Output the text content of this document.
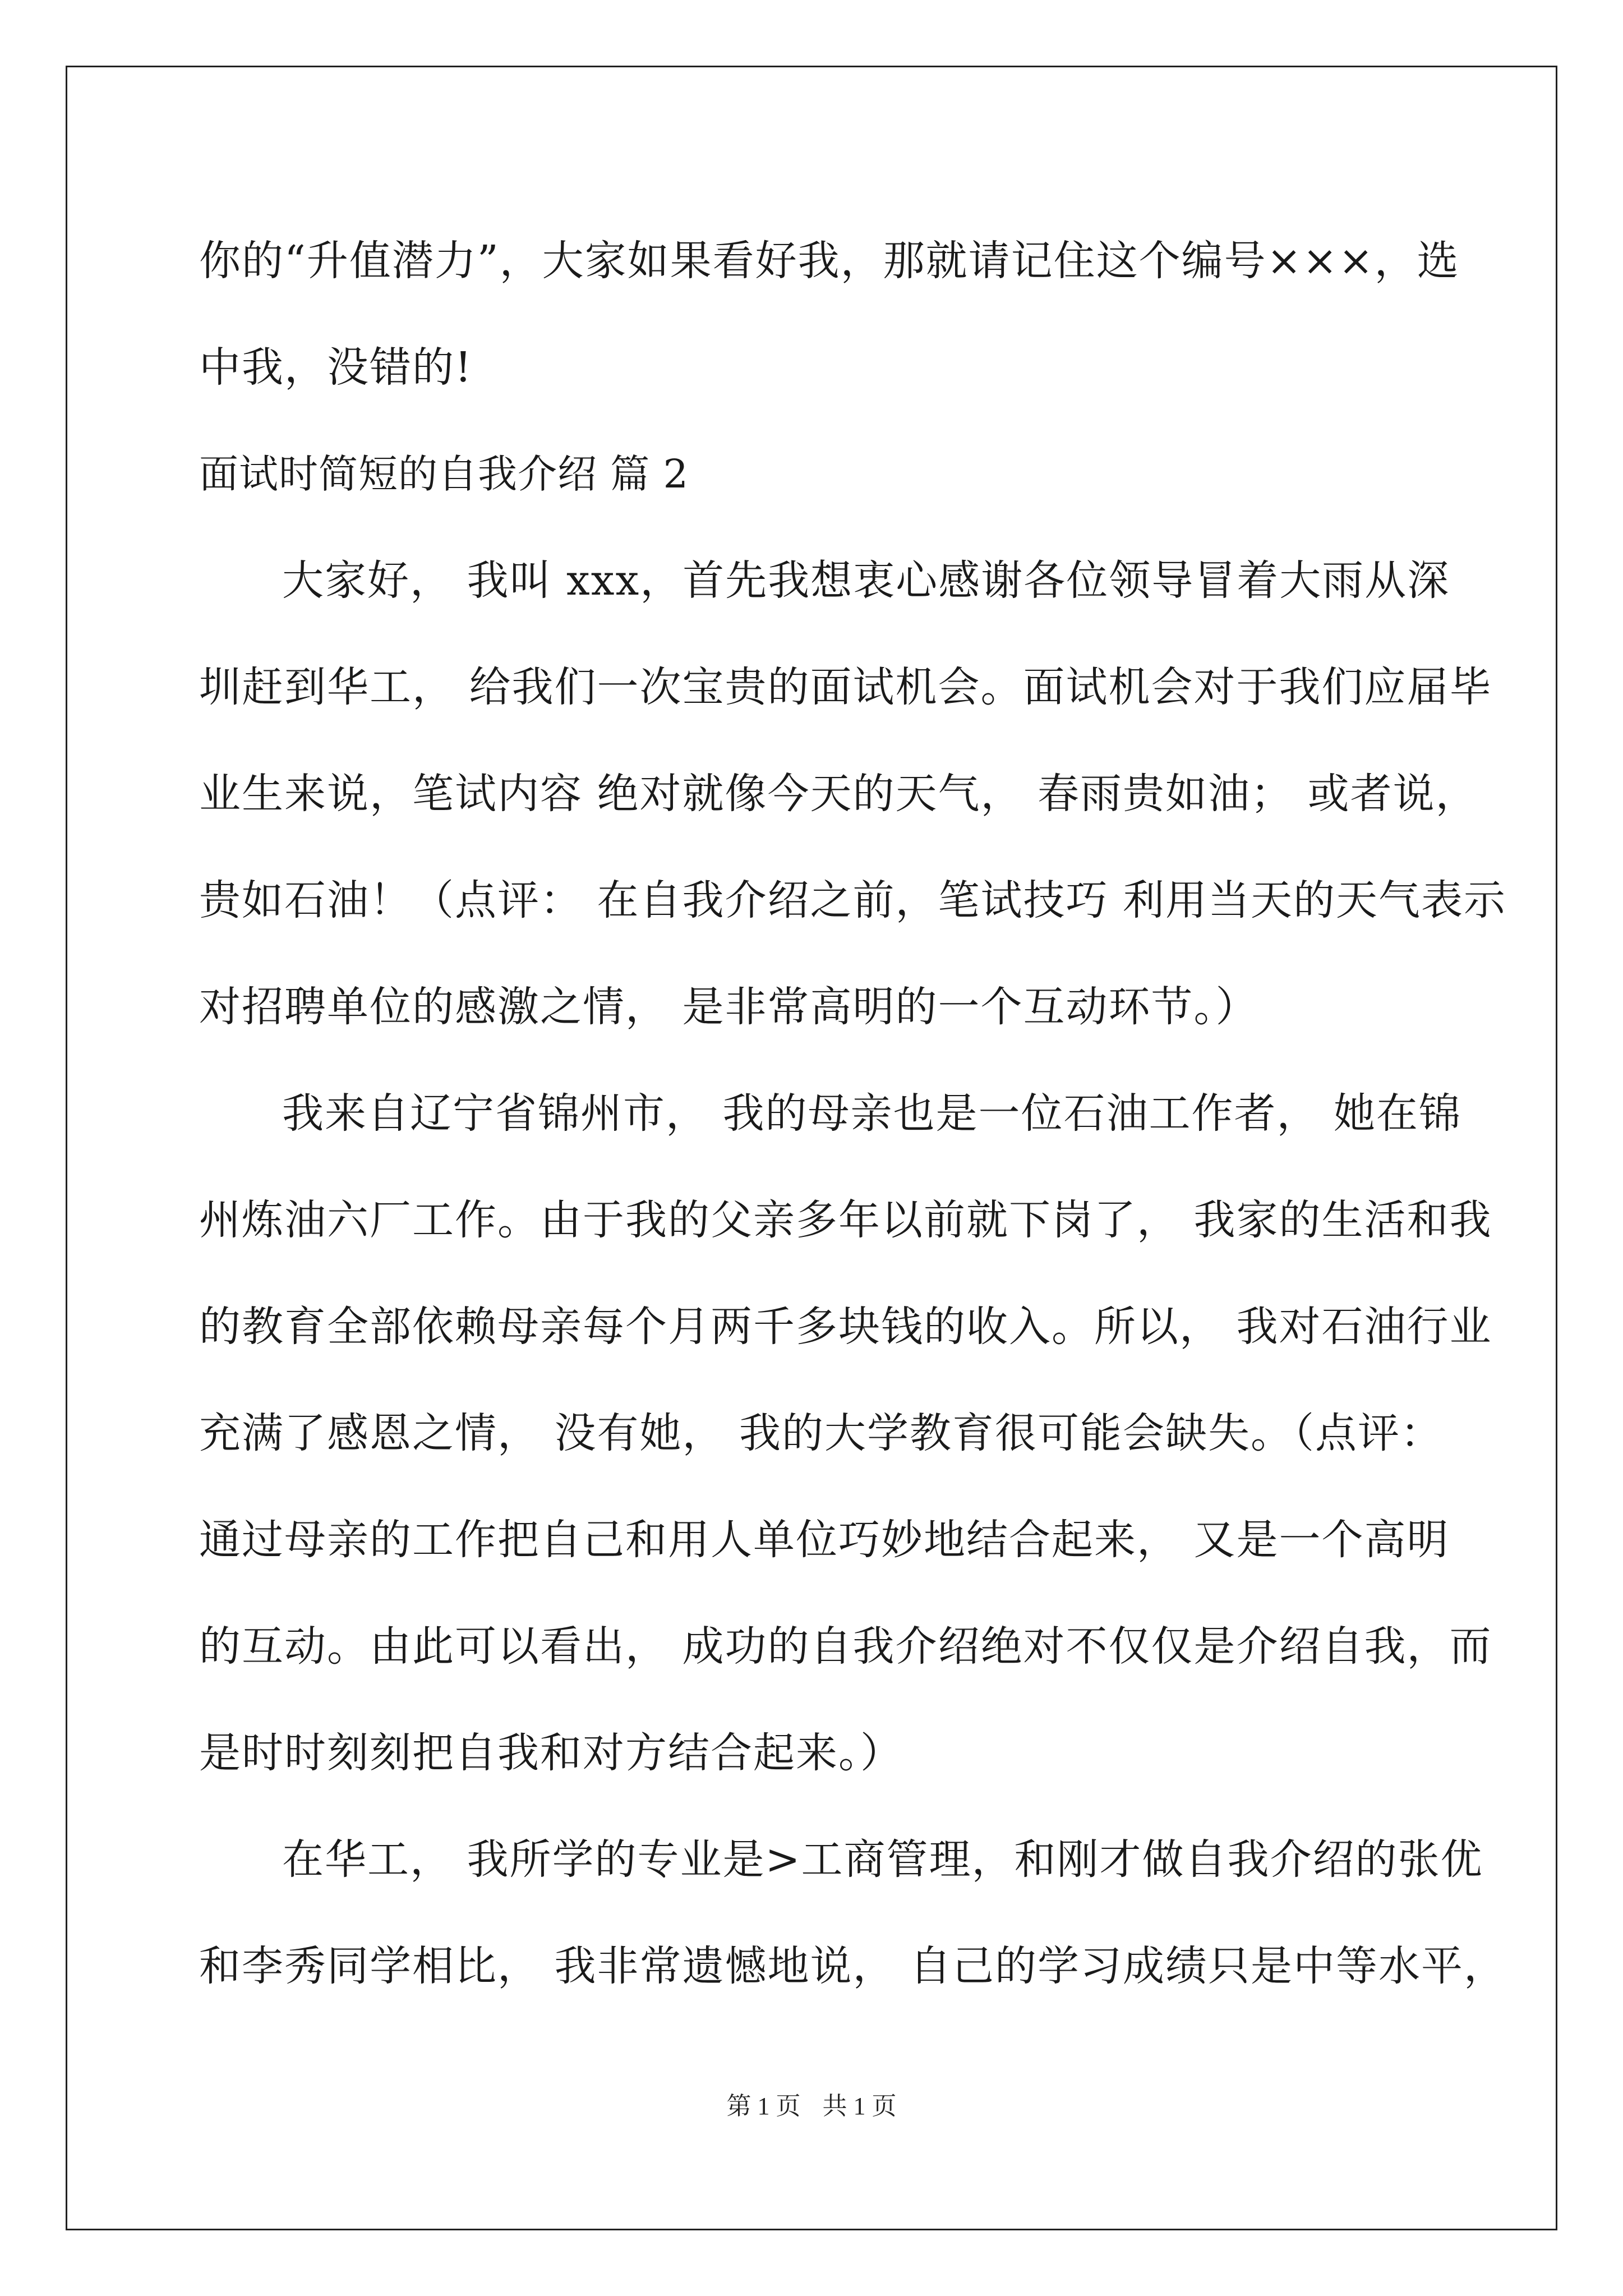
你的“升值潜力”，大家如果看好我，那就请记住这个编号×××，选
中我，没错的!
面试时简短的自我介绍 篇 2
大家好， 我叫 xxx，首先我想衷心感谢各位领导冒着大雨从深
圳赶到华工， 给我们一次宝贵的面试机会。面试机会对于我们应届毕
业生来说，笔试内容 绝对就像今天的天气， 春雨贵如油； 或者说，
贵如石油！（点评： 在自我介绍之前，笔试技巧 利用当天的天气表示
对招聘单位的感激之情， 是非常高明的一个互动环节。）
我来自辽宁省锦州市， 我的母亲也是一位石油工作者， 她在锦
州炼油六厂工作。由于我的父亲多年以前就下岗了， 我家的生活和我
的教育全部依赖母亲每个月两千多块钱的收入。所以， 我对石油行业
充满了感恩之情， 没有她， 我的大学教育很可能会缺失。（点评：
通过母亲的工作把自己和用人单位巧妙地结合起来， 又是一个高明
的互动。由此可以看出， 成功的自我介绍绝对不仅仅是介绍自我，而
是时时刻刻把自我和对方结合起来。）
在华工， 我所学的专业是>工商管理，和刚才做自我介绍的张优
和李秀同学相比， 我非常遗憾地说， 自己的学习成绩只是中等水平，
第 1 页 共 1 页
